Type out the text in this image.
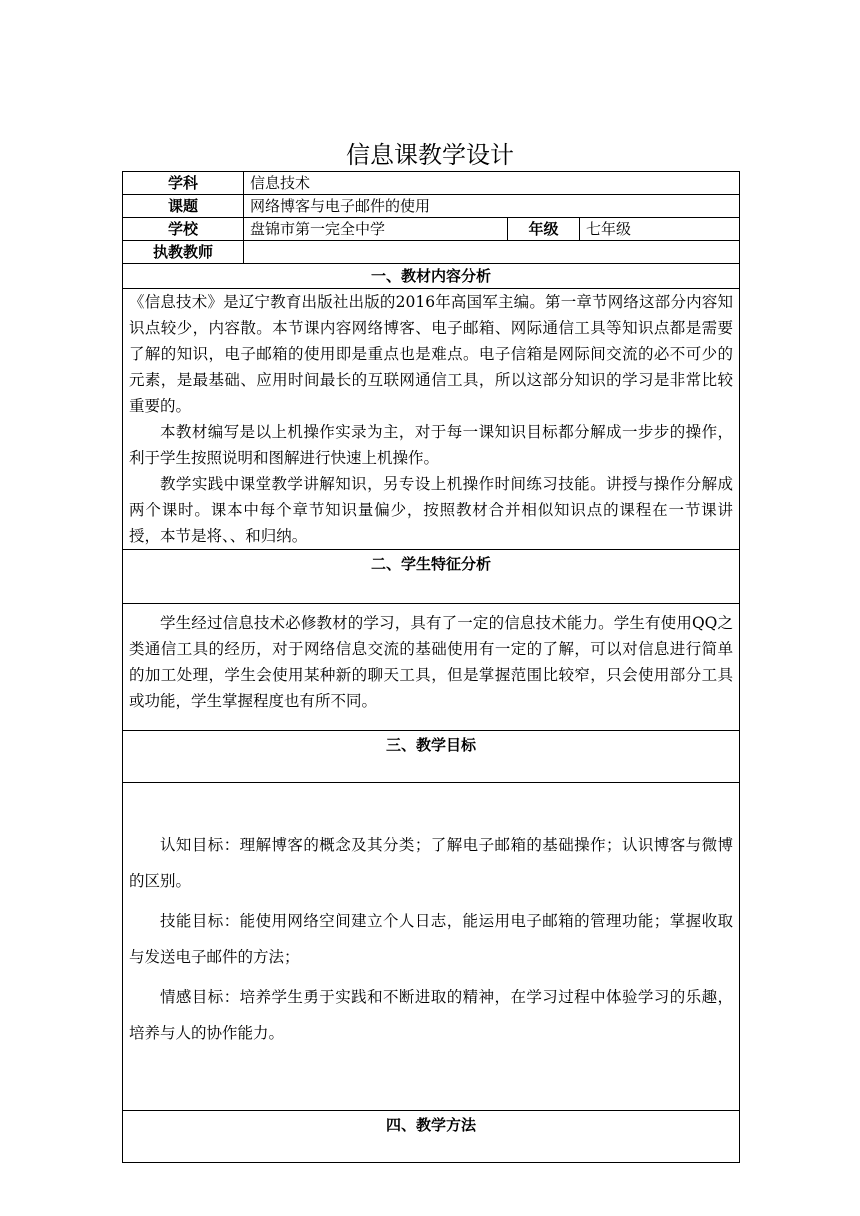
信息课教学设计
学科	信息技术		
课题	网络博客与电子邮件的使用		
学校	盘锦市第一完全中学	年级	七年级
执教教师			
一、教材内容分析			

《信息技术》是辽宁教育出版社出版的2016年高国军主编。第一章节网络这部分内容知识点较少，内容散。本节课内容网络博客、电子邮箱、网际通信工具等知识点都是需要了解的知识，电子邮箱的使用即是重点也是难点。电子信箱是网际间交流的必不可少的元素，是最基础、应用时间最长的互联网通信工具，所以这部分知识的学习是非常比较重要的。

本教材编写是以上机操作实录为主，对于每一课知识目标都分解成一步步的操作，利于学生按照说明和图解进行快速上机操作。

教学实践中课堂教学讲解知识，另专设上机操作时间练习技能。讲授与操作分解成两个课时。课本中每个章节知识量偏少，按照教材合并相似知识点的课程在一节课讲授，本节是将、、和归纳。			

二、学生特征分析			

学生经过信息技术必修教材的学习，具有了一定的信息技术能力。学生有使用QQ之类通信工具的经历，对于网络信息交流的基础使用有一定的了解，可以对信息进行简单的加工处理，学生会使用某种新的聊天工具，但是掌握范围比较窄，只会使用部分工具或功能，学生掌握程度也有所不同。			

三、教学目标			

认知目标：理解博客的概念及其分类；了解电子邮箱的基础操作；认识博客与微博的区别。

技能目标：能使用网络空间建立个人日志，能运用电子邮箱的管理功能；掌握收取与发送电子邮件的方法；

情感目标：培养学生勇于实践和不断进取的精神，在学习过程中体验学习的乐趣，培养与人的协作能力。			

四、教学方法			
